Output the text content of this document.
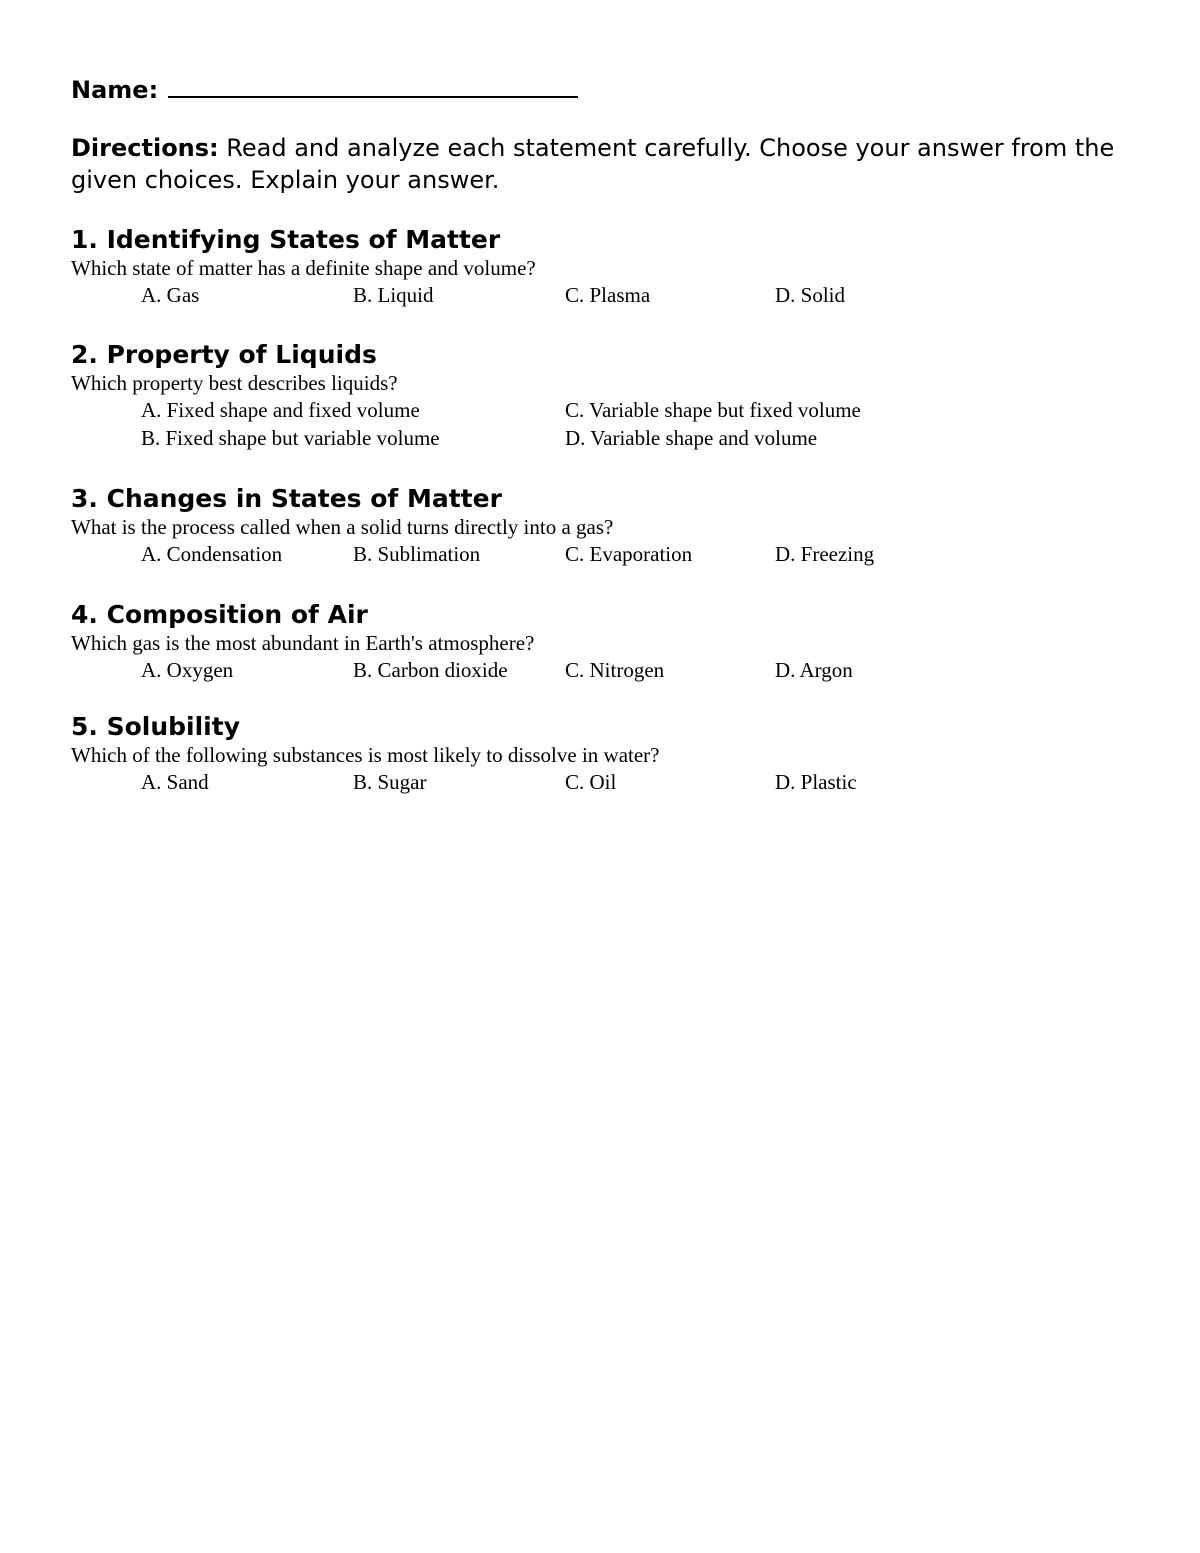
Name:
Directions: Read and analyze each statement carefully. Choose your answer from the given choices. Explain your answer.
1. Identifying States of Matter
Which state of matter has a definite shape and volume?
A. Gas	B. Liquid	C. Plasma	D. Solid
2. Property of Liquids
Which property best describes liquids?
A. Fixed shape and fixed volume
B. Fixed shape but variable volume
C. Variable shape but fixed volume
D. Variable shape and volume
3. Changes in States of Matter
What is the process called when a solid turns directly into a gas?
A. Condensation	B. Sublimation	C. Evaporation	D. Freezing
4. Composition of Air
Which gas is the most abundant in Earth's atmosphere?
A. Oxygen	B. Carbon dioxide	C. Nitrogen	D. Argon
5. Solubility
Which of the following substances is most likely to dissolve in water?
A. Sand	B. Sugar	C. Oil	D. Plastic
